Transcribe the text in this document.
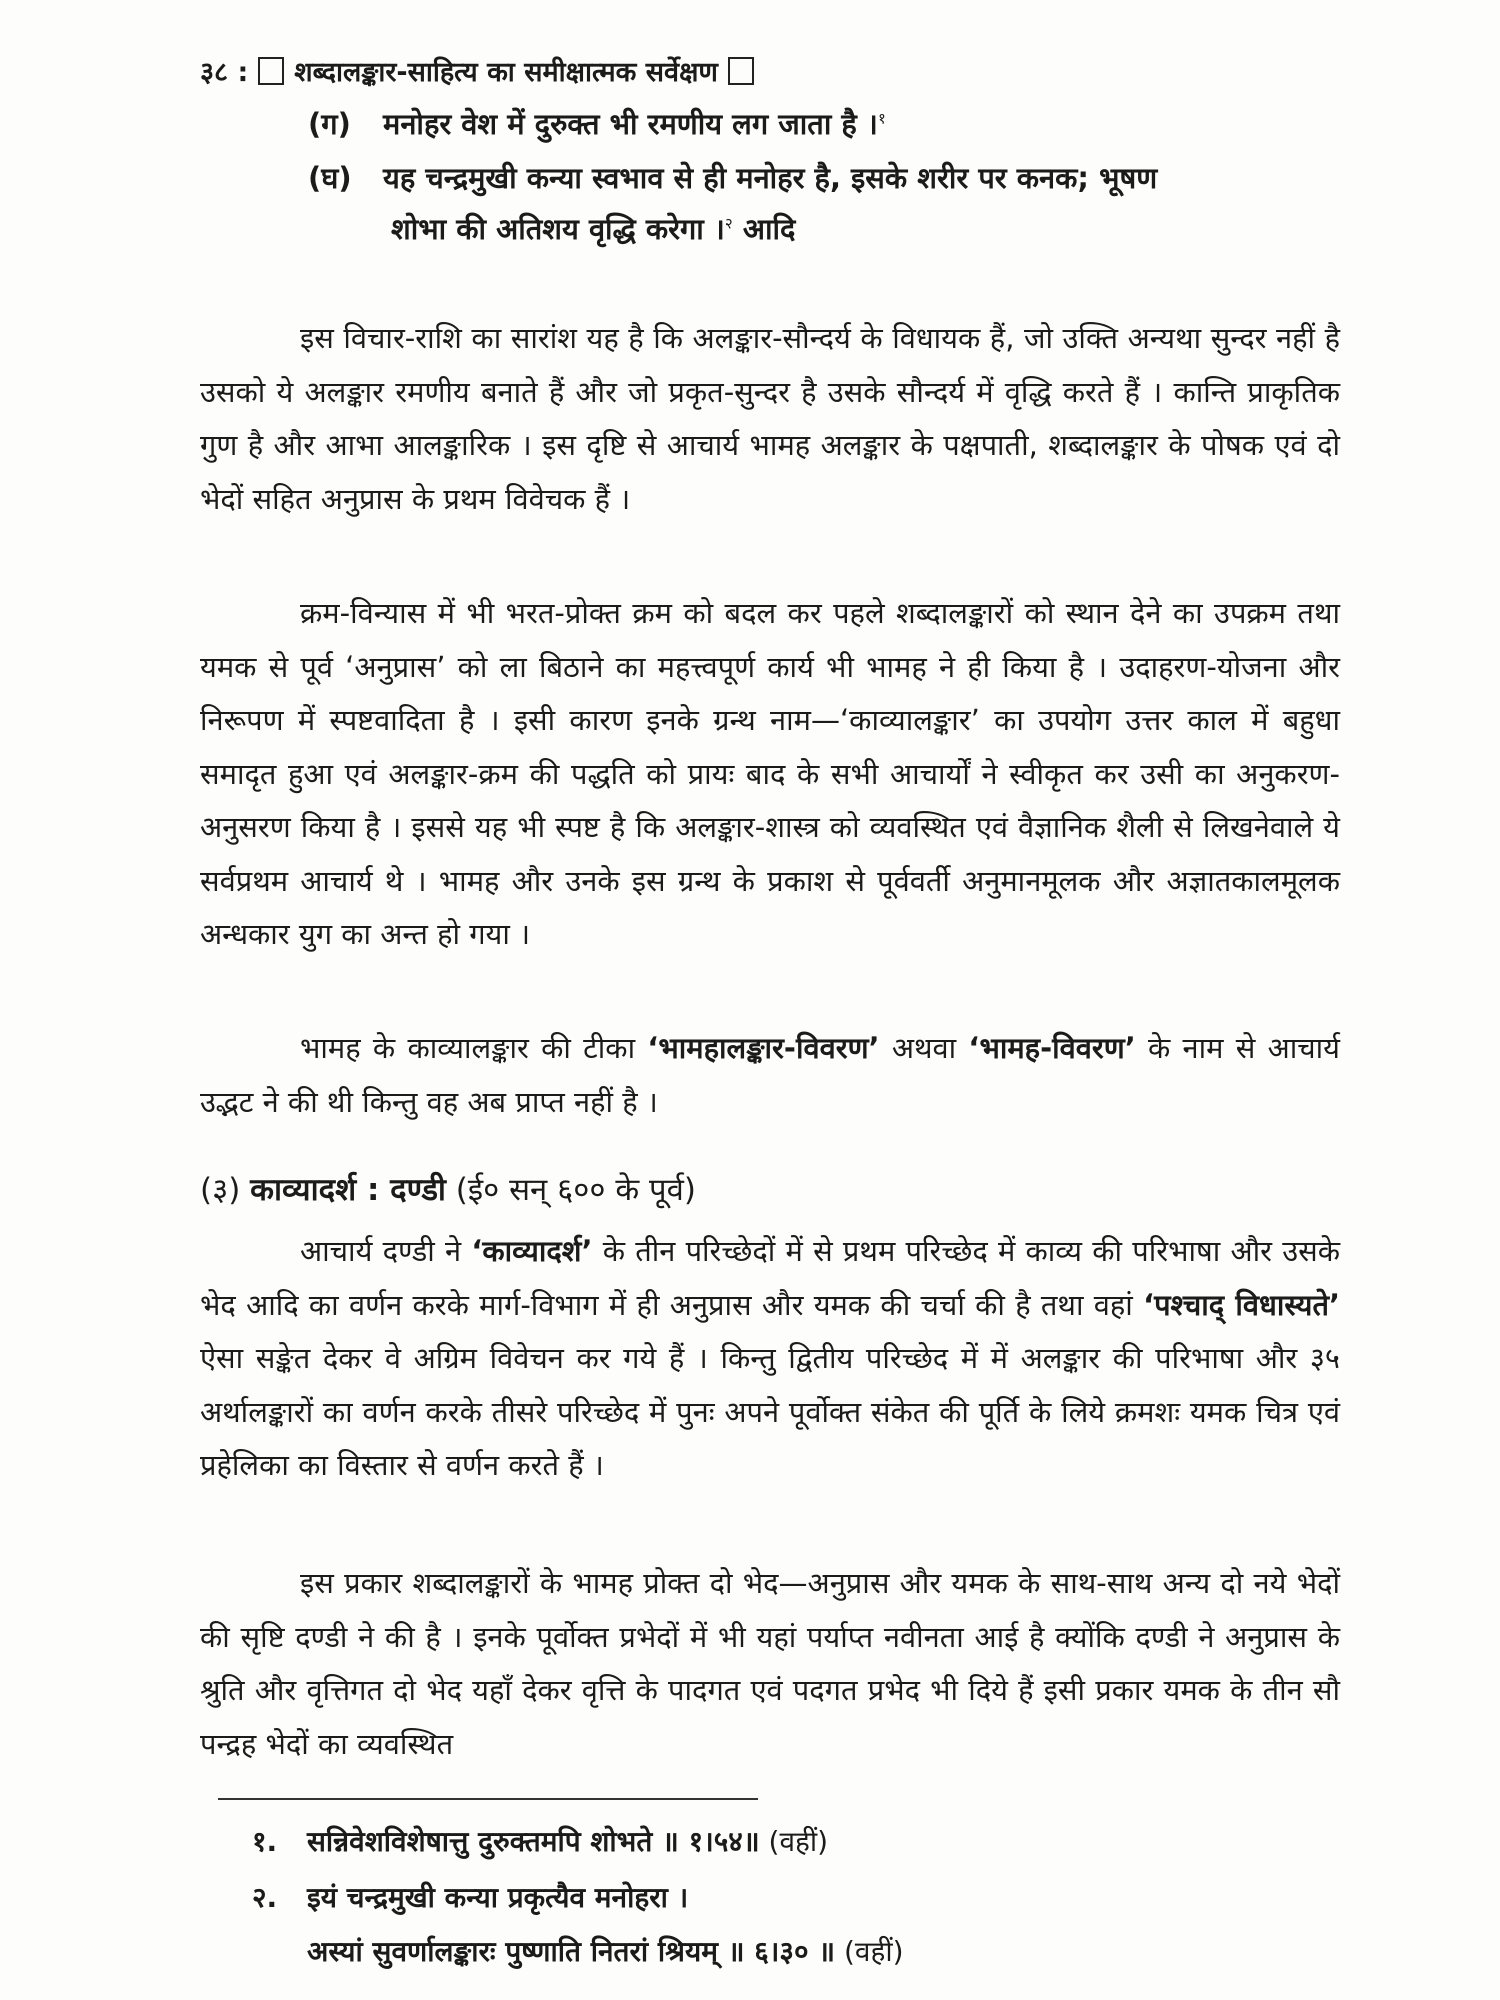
३८ : शब्दालङ्कार-साहित्य का समीक्षात्मक सर्वेक्षण
(ग) मनोहर वेश में दुरुक्त भी रमणीय लग जाता है ।$^१$
(घ) यह चन्द्रमुखी कन्या स्वभाव से ही मनोहर है, इसके शरीर पर कनक; भूषण
शोभा की अतिशय वृद्धि करेगा ।$^२$ आदि

इस विचार-राशि का सारांश यह है कि अलङ्कार-सौन्दर्य के विधायक हैं, जो उक्ति अन्यथा सुन्दर नहीं है उसको ये अलङ्कार रमणीय बनाते हैं और जो प्रकृत-सुन्दर है उसके सौन्दर्य में वृद्धि करते हैं । कान्ति प्राकृतिक गुण है और आभा आलङ्कारिक । इस दृष्टि से आचार्य भामह अलङ्कार के पक्षपाती, शब्दालङ्कार के पोषक एवं दो भेदों सहित अनुप्रास के प्रथम विवेचक हैं ।

क्रम-विन्यास में भी भरत-प्रोक्त क्रम को बदल कर पहले शब्दालङ्कारों को स्थान देने का उपक्रम तथा यमक से पूर्व ‘अनुप्रास’ को ला बिठाने का महत्त्वपूर्ण कार्य भी भामह ने ही किया है । उदाहरण-योजना और निरूपण में स्पष्टवादिता है । इसी कारण इनके ग्रन्थ नाम—‘काव्यालङ्कार’ का उपयोग उत्तर काल में बहुधा समादृत हुआ एवं अलङ्कार-क्रम की पद्धति को प्रायः बाद के सभी आचार्यों ने स्वीकृत कर उसी का अनुकरण-अनुसरण किया है । इससे यह भी स्पष्ट है कि अलङ्कार-शास्त्र को व्यवस्थित एवं वैज्ञानिक शैली से लिखनेवाले ये सर्वप्रथम आचार्य थे । भामह और उनके इस ग्रन्थ के प्रकाश से पूर्ववर्ती अनुमानमूलक और अज्ञातकालमूलक अन्धकार युग का अन्त हो गया ।

भामह के काव्यालङ्कार की टीका ‘भामहालङ्कार-विवरण’ अथवा ‘भामह-विवरण’ के नाम से आचार्य उद्भट ने की थी किन्तु वह अब प्राप्त नहीं है ।

(३) काव्यादर्श : दण्डी (ई० सन् ६०० के पूर्व)

आचार्य दण्डी ने ‘काव्यादर्श’ के तीन परिच्छेदों में से प्रथम परिच्छेद में काव्य की परिभाषा और उसके भेद आदि का वर्णन करके मार्ग-विभाग में ही अनुप्रास और यमक की चर्चा की है तथा वहां ‘पश्चाद् विधास्यते’ ऐसा सङ्केत देकर वे अग्रिम विवेचन कर गये हैं । किन्तु द्वितीय परिच्छेद में में अलङ्कार की परिभाषा और ३५ अर्थालङ्कारों का वर्णन करके तीसरे परिच्छेद में पुनः अपने पूर्वोक्त संकेत की पूर्ति के लिये क्रमशः यमक चित्र एवं प्रहेलिका का विस्तार से वर्णन करते हैं ।

इस प्रकार शब्दालङ्कारों के भामह प्रोक्त दो भेद—अनुप्रास और यमक के साथ-साथ अन्य दो नये भेदों की सृष्टि दण्डी ने की है । इनके पूर्वोक्त प्रभेदों में भी यहां पर्याप्त नवीनता आई है क्योंकि दण्डी ने अनुप्रास के श्रुति और वृत्तिगत दो भेद यहाँ देकर वृत्ति के पादगत एवं पदगत प्रभेद भी दिये हैं इसी प्रकार यमक के तीन सौ पन्द्रह भेदों का व्यवस्थित

१. सन्निवेशविशेषात्तु दुरुक्तमपि शोभते ॥ १।५४॥ (वहीं)
२. इयं चन्द्रमुखी कन्या प्रकृत्यैव मनोहरा ।
अस्यां सुवर्णालङ्कारः पुष्णाति नितरां श्रियम् ॥ ६।३० ॥ (वहीं)
